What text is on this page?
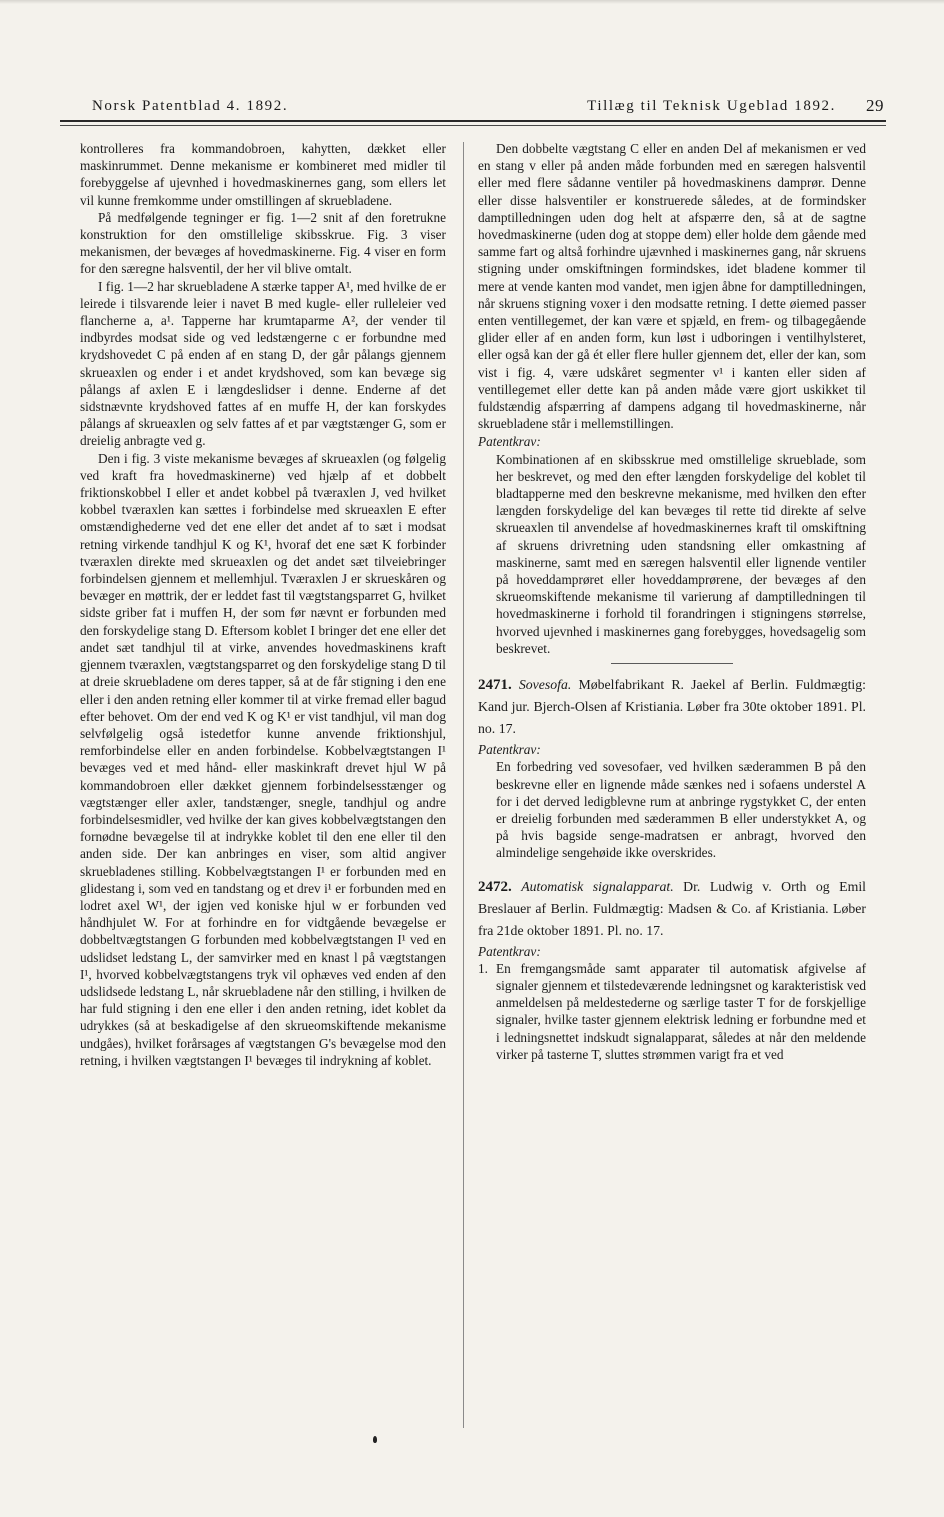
Norsk Patentblad 4. 1892.	Tillæg til Teknisk Ugeblad 1892. 29

kontrolleres fra kommandobroen, kahytten, dækket eller maskinrummet. Denne mekanisme er kombineret med midler til forebyggelse af ujevnhed i hovedmaskinernes gang, som ellers let vil kunne fremkomme under omstillingen af skruebladene.

På medfølgende tegninger er fig. 1—2 snit af den foretrukne konstruktion for den omstillelige skibsskrue. Fig. 3 viser mekanismen, der bevæges af hovedmaskinerne. Fig. 4 viser en form for den særegne halsventil, der her vil blive omtalt.

I fig. 1—2 har skruebladene A stærke tapper A¹, med hvilke de er leirede i tilsvarende leier i navet B med kugle- eller rulleleier ved flancherne a, a¹. Tapperne har krumtaparme A², der vender til indbyrdes modsat side og ved ledstængerne c er forbundne med krydshovedet C på enden af en stang D, der går pålangs gjennem skrueaxlen og ender i et andet krydshoved, som kan bevæge sig pålangs af axlen E i længdeslidser i denne. Enderne af det sidstnævnte krydshoved fattes af en muffe H, der kan forskydes pålangs af skrueaxlen og selv fattes af et par vægtstænger G, som er dreielig anbragte ved g.

Den i fig. 3 viste mekanisme bevæges af skrueaxlen (og følgelig ved kraft fra hovedmaskinerne) ved hjælp af et dobbelt friktionskobbel I eller et andet kobbel på tværaxlen J, ved hvilket kobbel tværaxlen kan sættes i forbindelse med skrueaxlen E efter omstændighederne ved det ene eller det andet af to sæt i modsat retning virkende tandhjul K og K¹, hvoraf det ene sæt K forbinder tværaxlen direkte med skrueaxlen og det andet sæt tilveiebringer forbindelsen gjennem et mellemhjul. Tværaxlen J er skrueskåren og bevæger en møttrik, der er leddet fast til vægtstangsparret G, hvilket sidste griber fat i muffen H, der som før nævnt er forbunden med den forskydelige stang D. Eftersom koblet I bringer det ene eller det andet sæt tandhjul til at virke, anvendes hovedmaskinens kraft gjennem tværaxlen, vægtstangsparret og den forskydelige stang D til at dreie skruebladene om deres tapper, så at de får stigning i den ene eller i den anden retning eller kommer til at virke fremad eller bagud efter behovet. Om der end ved K og K¹ er vist tandhjul, vil man dog selvfølgelig også istedetfor kunne anvende friktionshjul, remforbindelse eller en anden forbindelse. Kobbelvægtstangen I¹ bevæges ved et med hånd- eller maskinkraft drevet hjul W på kommandobroen eller dækket gjennem forbindelsesstænger og vægtstænger eller axler, tandstænger, snegle, tandhjul og andre forbindelsesmidler, ved hvilke der kan gives kobbelvægtstangen den fornødne bevægelse til at indrykke koblet til den ene eller til den anden side. Der kan anbringes en viser, som altid angiver skruebladenes stilling. Kobbelvægtstangen I¹ er forbunden med en glidestang i, som ved en tandstang og et drev i¹ er forbunden med en lodret axel W¹, der igjen ved koniske hjul w er forbunden ved håndhjulet W. For at forhindre en for vidtgående bevægelse er dobbeltvægtstangen G forbunden med kobbelvægtstangen I¹ ved en udslidset ledstang L, der samvirker med en knast l på vægtstangen I¹, hvorved kobbelvægtstangens tryk vil ophæves ved enden af den udslidsede ledstang L, når skruebladene når den stilling, i hvilken de har fuld stigning i den ene eller i den anden retning, idet koblet da udrykkes (så at beskadigelse af den skrueomskiftende mekanisme undgåes), hvilket forårsages af vægtstangen G's bevægelse mod den retning, i hvilken vægtstangen I¹ bevæges til indrykning af koblet.

Den dobbelte vægtstang C eller en anden Del af mekanismen er ved en stang v eller på anden måde forbunden med en særegen halsventil eller med flere sådanne ventiler på hovedmaskinens damprør. Denne eller disse halsventiler er konstruerede således, at de formindsker damptilledningen uden dog helt at afspærre den, så at de sagtne hovedmaskinerne (uden dog at stoppe dem) eller holde dem gående med samme fart og altså forhindre ujævnhed i maskinernes gang, når skruens stigning under omskiftningen formindskes, idet bladene kommer til mere at vende kanten mod vandet, men igjen åbne for damptilledningen, når skruens stigning voxer i den modsatte retning. I dette øiemed passer enten ventillegemet, der kan være et spjæld, en frem- og tilbagegående glider eller af en anden form, kun løst i udboringen i ventilhylsteret, eller også kan der gå ét eller flere huller gjennem det, eller der kan, som vist i fig. 4, være udskåret segmenter v¹ i kanten eller siden af ventillegemet eller dette kan på anden måde være gjort uskikket til fuldstændig afspærring af dampens adgang til hovedmaskinerne, når skruebladene står i mellemstillingen.

Patentkrav:

Kombinationen af en skibsskrue med omstillelige skrueblade, som her beskrevet, og med den efter længden forskydelige del koblet til bladtapperne med den beskrevne mekanisme, med hvilken den efter længden forskydelige del kan bevæges til rette tid direkte af selve skrueaxlen til anvendelse af hovedmaskinernes kraft til omskiftning af skruens drivretning uden standsning eller omkastning af maskinerne, samt med en særegen halsventil eller lignende ventiler på hoveddamprøret eller hoveddamprørene, der bevæges af den skrueomskiftende mekanisme til varierung af damptilledningen til hovedmaskinerne i forhold til forandringen i stigningens størrelse, hvorved ujevnhed i maskinernes gang forebygges, hovedsagelig som beskrevet.

2471. Sovesofa. Møbelfabrikant R. Jaekel af Berlin. Fuldmægtig: Kand jur. Bjerch-Olsen af Kristiania. Løber fra 30te oktober 1891. Pl. no. 17.
Patentkrav:

En forbedring ved sovesofaer, ved hvilken sæderammen B på den beskrevne eller en lignende måde sænkes ned i sofaens understel A for i det derved ledigblevne rum at anbringe rygstykket C, der enten er dreielig forbunden med sæderammen B eller understykket A, og på hvis bagside senge-madratsen er anbragt, hvorved den almindelige sengehøide ikke overskrides.

2472. Automatisk signalapparat. Dr. Ludwig v. Orth og Emil Breslauer af Berlin. Fuldmægtig: Madsen & Co. af Kristiania. Løber fra 21de oktober 1891. Pl. no. 17.
Patentkrav:
1. En fremgangsmåde samt apparater til automatisk afgivelse af signaler gjennem et tilstedeværende ledningsnet og karakteristisk ved anmeldelsen på meldestederne og særlige taster T for de forskjellige signaler, hvilke taster gjennem elektrisk ledning er forbundne med et i ledningsnettet indskudt signalapparat, således at når den meldende virker på tasterne T, sluttes strømmen varigt fra et ved
